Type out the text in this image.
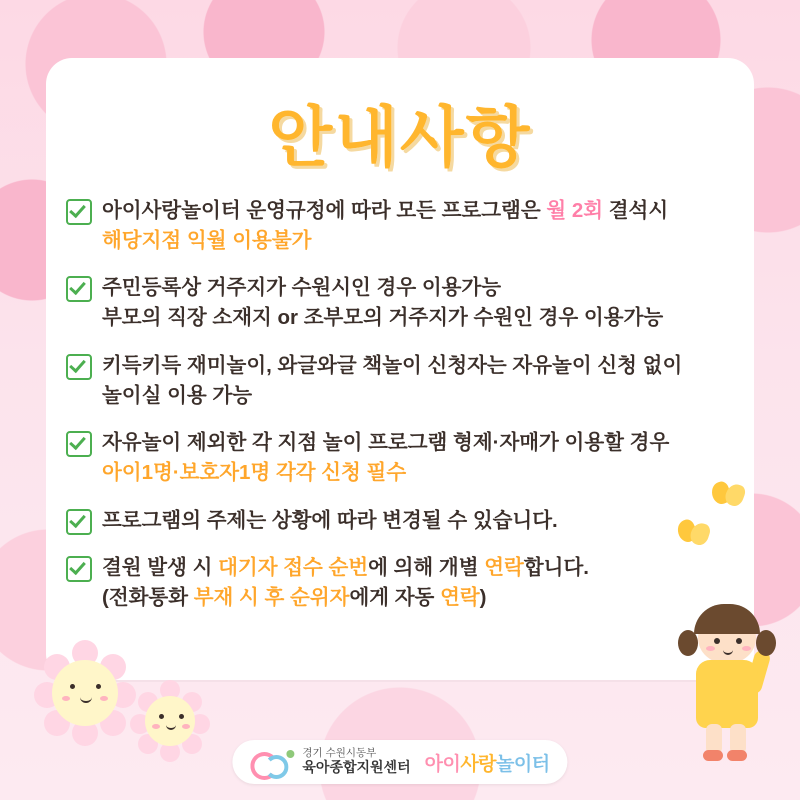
안내사항
아이사랑놀이터 운영규정에 따라 모든 프로그램은 월 2회 결석시
해당지점 익월 이용불가
주민등록상 거주지가 수원시인 경우 이용가능
부모의 직장 소재지 or 조부모의 거주지가 수원인 경우 이용가능
키득키득 재미놀이, 와글와글 책놀이 신청자는 자유놀이 신청 없이
놀이실 이용 가능
자유놀이 제외한 각 지점 놀이 프로그램 형제·자매가 이용할 경우
아이1명·보호자1명 각각 신청 필수
프로그램의 주제는 상황에 따라 변경될 수 있습니다.
결원 발생 시 대기자 접수 순번에 의해 개별 연락합니다.
(전화통화 부재 시 후 순위자에게 자동 연락)
경기 수원시동부
육아종합지원센터 아이사랑놀이터
